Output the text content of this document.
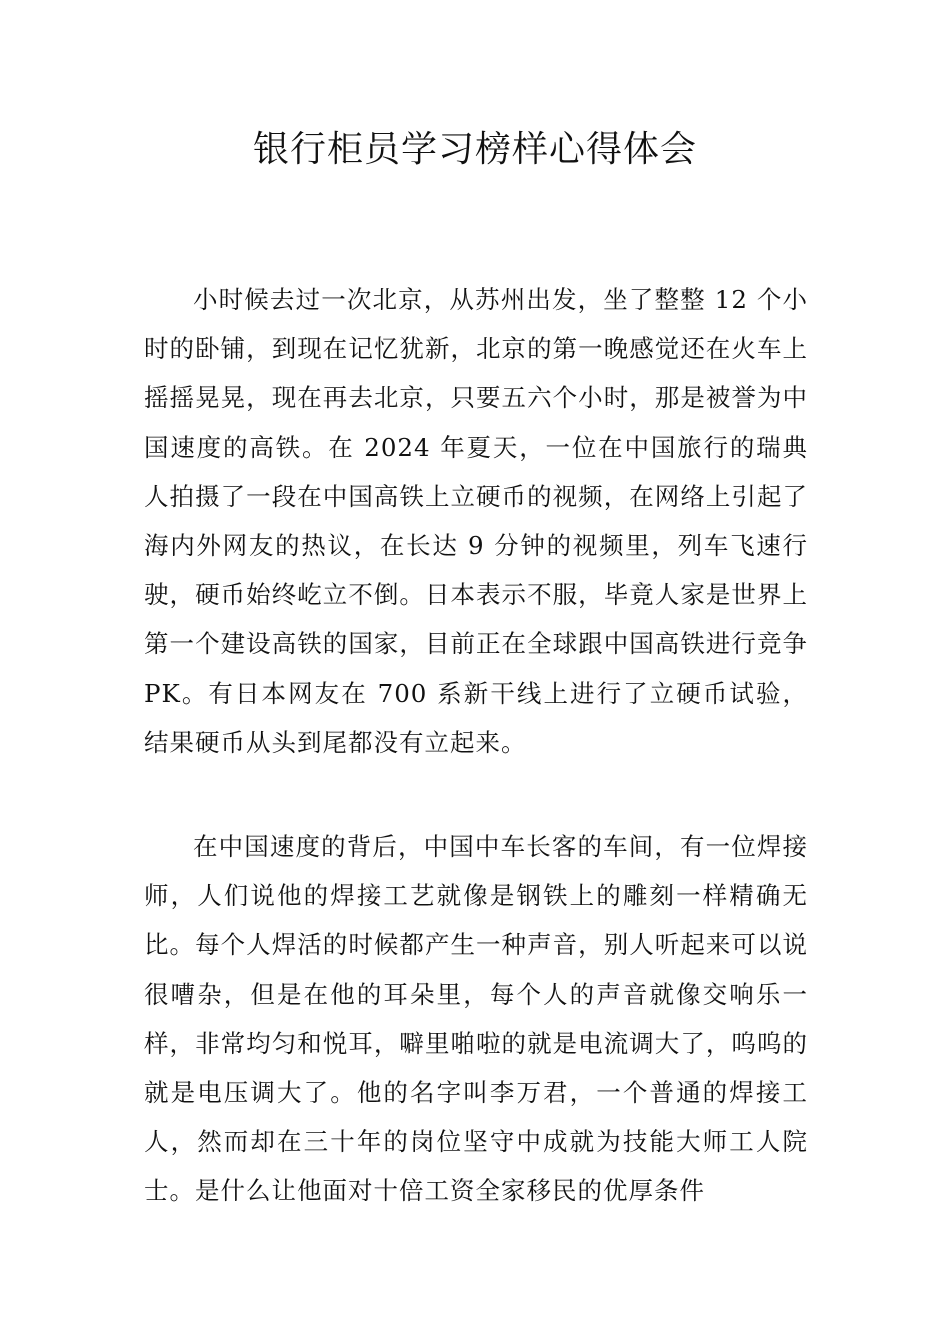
银行柜员学习榜样心得体会

小时候去过一次北京，从苏州出发，坐了整整 12 个小时的卧铺，到现在记忆犹新，北京的第一晚感觉还在火车上摇摇晃晃，现在再去北京，只要五六个小时，那是被誉为中国速度的高铁。在 2024 年夏天，一位在中国旅行的瑞典人拍摄了一段在中国高铁上立硬币的视频，在网络上引起了海内外网友的热议，在长达 9 分钟的视频里，列车飞速行驶，硬币始终屹立不倒。日本表示不服，毕竟人家是世界上第一个建设高铁的国家，目前正在全球跟中国高铁进行竞争 PK。有日本网友在 700 系新干线上进行了立硬币试验，结果硬币从头到尾都没有立起来。

在中国速度的背后，中国中车长客的车间，有一位焊接师，人们说他的焊接工艺就像是钢铁上的雕刻一样精确无比。每个人焊活的时候都产生一种声音，别人听起来可以说很嘈杂，但是在他的耳朵里，每个人的声音就像交响乐一样，非常均匀和悦耳，噼里啪啦的就是电流调大了，呜呜的就是电压调大了。他的名字叫李万君，一个普通的焊接工人，然而却在三十年的岗位坚守中成就为技能大师工人院士。是什么让他面对十倍工资全家移民的优厚条件
